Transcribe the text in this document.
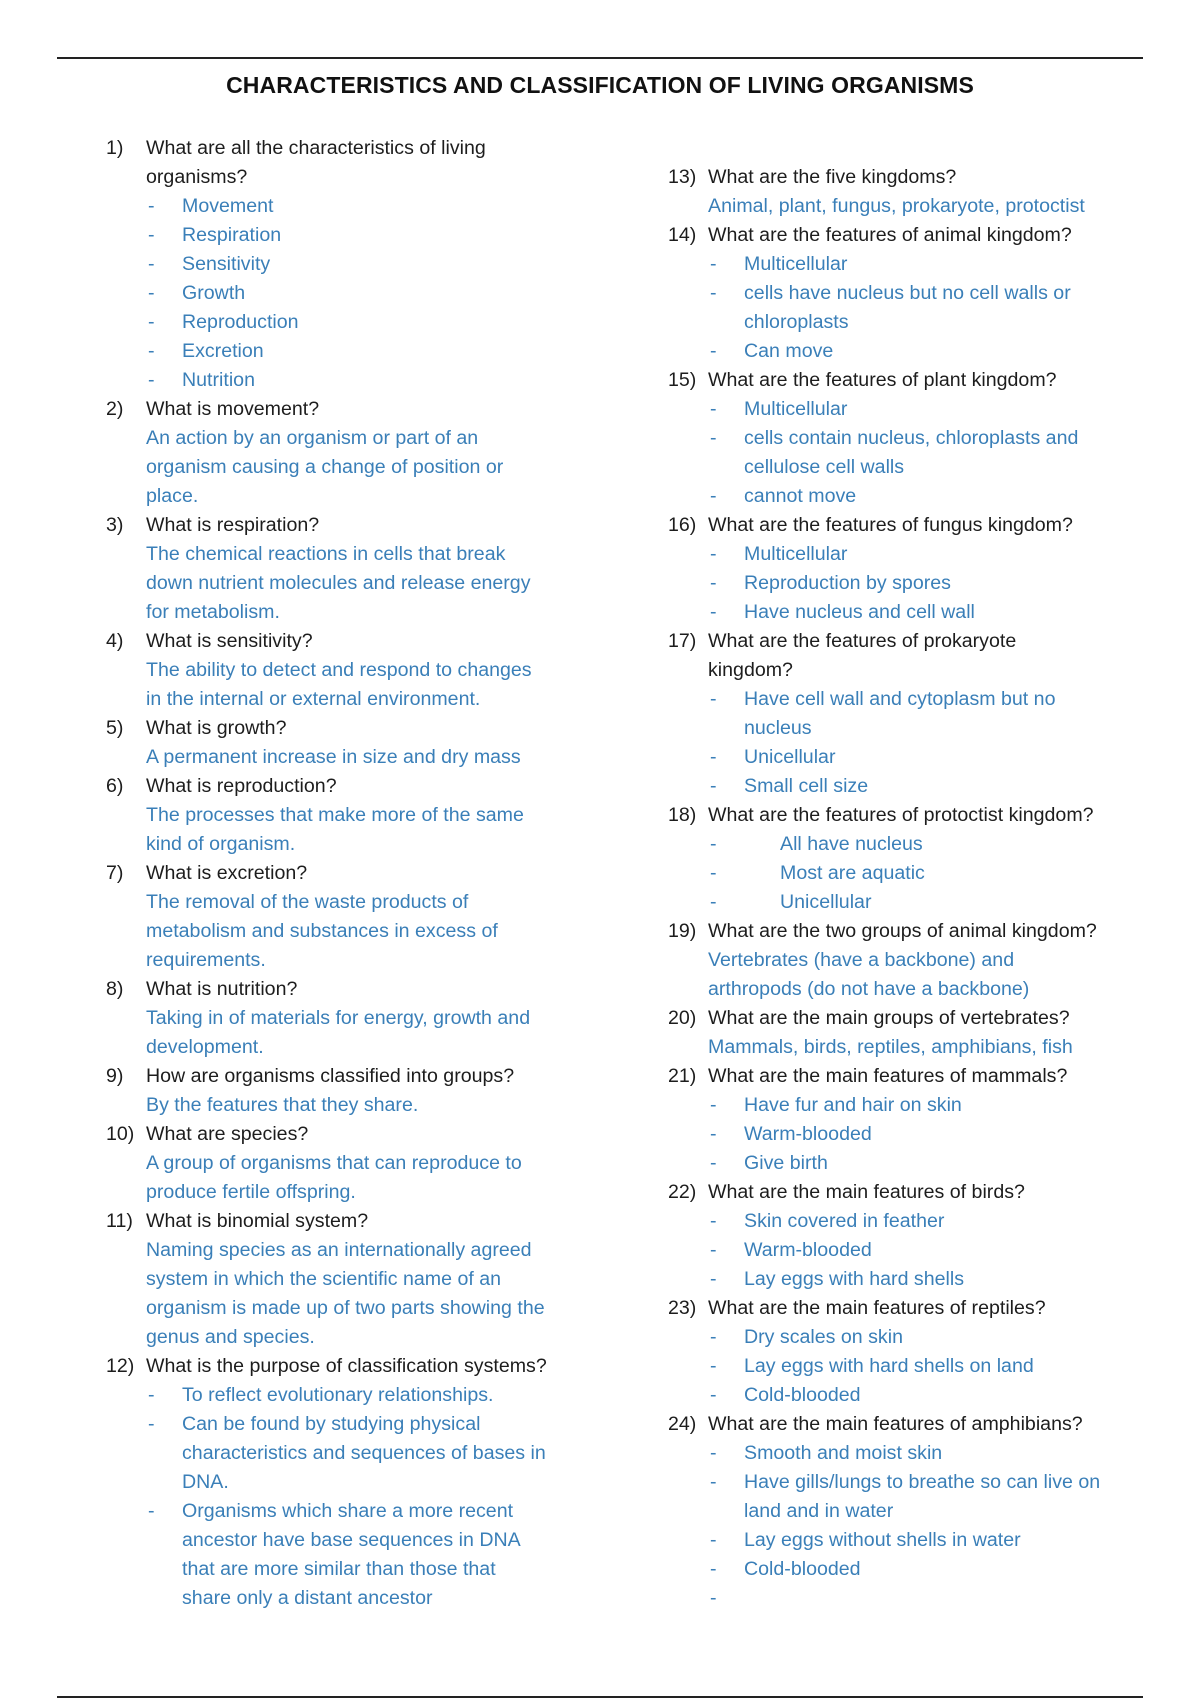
CHARACTERISTICS AND CLASSIFICATION OF LIVING ORGANISMS
1) What are all the characteristics of living
organisms?
- Movement
- Respiration
- Sensitivity
- Growth
- Reproduction
- Excretion
- Nutrition
2) What is movement?
An action by an organism or part of an
organism causing a change of position or
place.
3) What is respiration?
The chemical reactions in cells that break
down nutrient molecules and release energy
for metabolism.
4) What is sensitivity?
The ability to detect and respond to changes
in the internal or external environment.
5) What is growth?
A permanent increase in size and dry mass
6) What is reproduction?
The processes that make more of the same
kind of organism.
7) What is excretion?
The removal of the waste products of
metabolism and substances in excess of
requirements.
8) What is nutrition?
Taking in of materials for energy, growth and
development.
9) How are organisms classified into groups?
By the features that they share.
10) What are species?
A group of organisms that can reproduce to
produce fertile offspring.
11) What is binomial system?
Naming species as an internationally agreed
system in which the scientific name of an
organism is made up of two parts showing the
genus and species.
12) What is the purpose of classification systems?
- To reflect evolutionary relationships.
- Can be found by studying physical
characteristics and sequences of bases in
DNA.
- Organisms which share a more recent
ancestor have base sequences in DNA
that are more similar than those that
share only a distant ancestor
13) What are the five kingdoms?
Animal, plant, fungus, prokaryote, protoctist
14) What are the features of animal kingdom?
- Multicellular
- cells have nucleus but no cell walls or
chloroplasts
- Can move
15) What are the features of plant kingdom?
- Multicellular
- cells contain nucleus, chloroplasts and
cellulose cell walls
- cannot move
16) What are the features of fungus kingdom?
- Multicellular
- Reproduction by spores
- Have nucleus and cell wall
17) What are the features of prokaryote
kingdom?
- Have cell wall and cytoplasm but no
nucleus
- Unicellular
- Small cell size
18) What are the features of protoctist kingdom?
-	All have nucleus
-	Most are aquatic
-	Unicellular
19) What are the two groups of animal kingdom?
Vertebrates (have a backbone) and
arthropods (do not have a backbone)
20) What are the main groups of vertebrates?
Mammals, birds, reptiles, amphibians, fish
21) What are the main features of mammals?
- Have fur and hair on skin
- Warm-blooded
- Give birth
22) What are the main features of birds?
- Skin covered in feather
- Warm-blooded
- Lay eggs with hard shells
23) What are the main features of reptiles?
- Dry scales on skin
- Lay eggs with hard shells on land
- Cold-blooded
24) What are the main features of amphibians?
- Smooth and moist skin
- Have gills/lungs to breathe so can live on
land and in water
- Lay eggs without shells in water
- Cold-blooded
-
